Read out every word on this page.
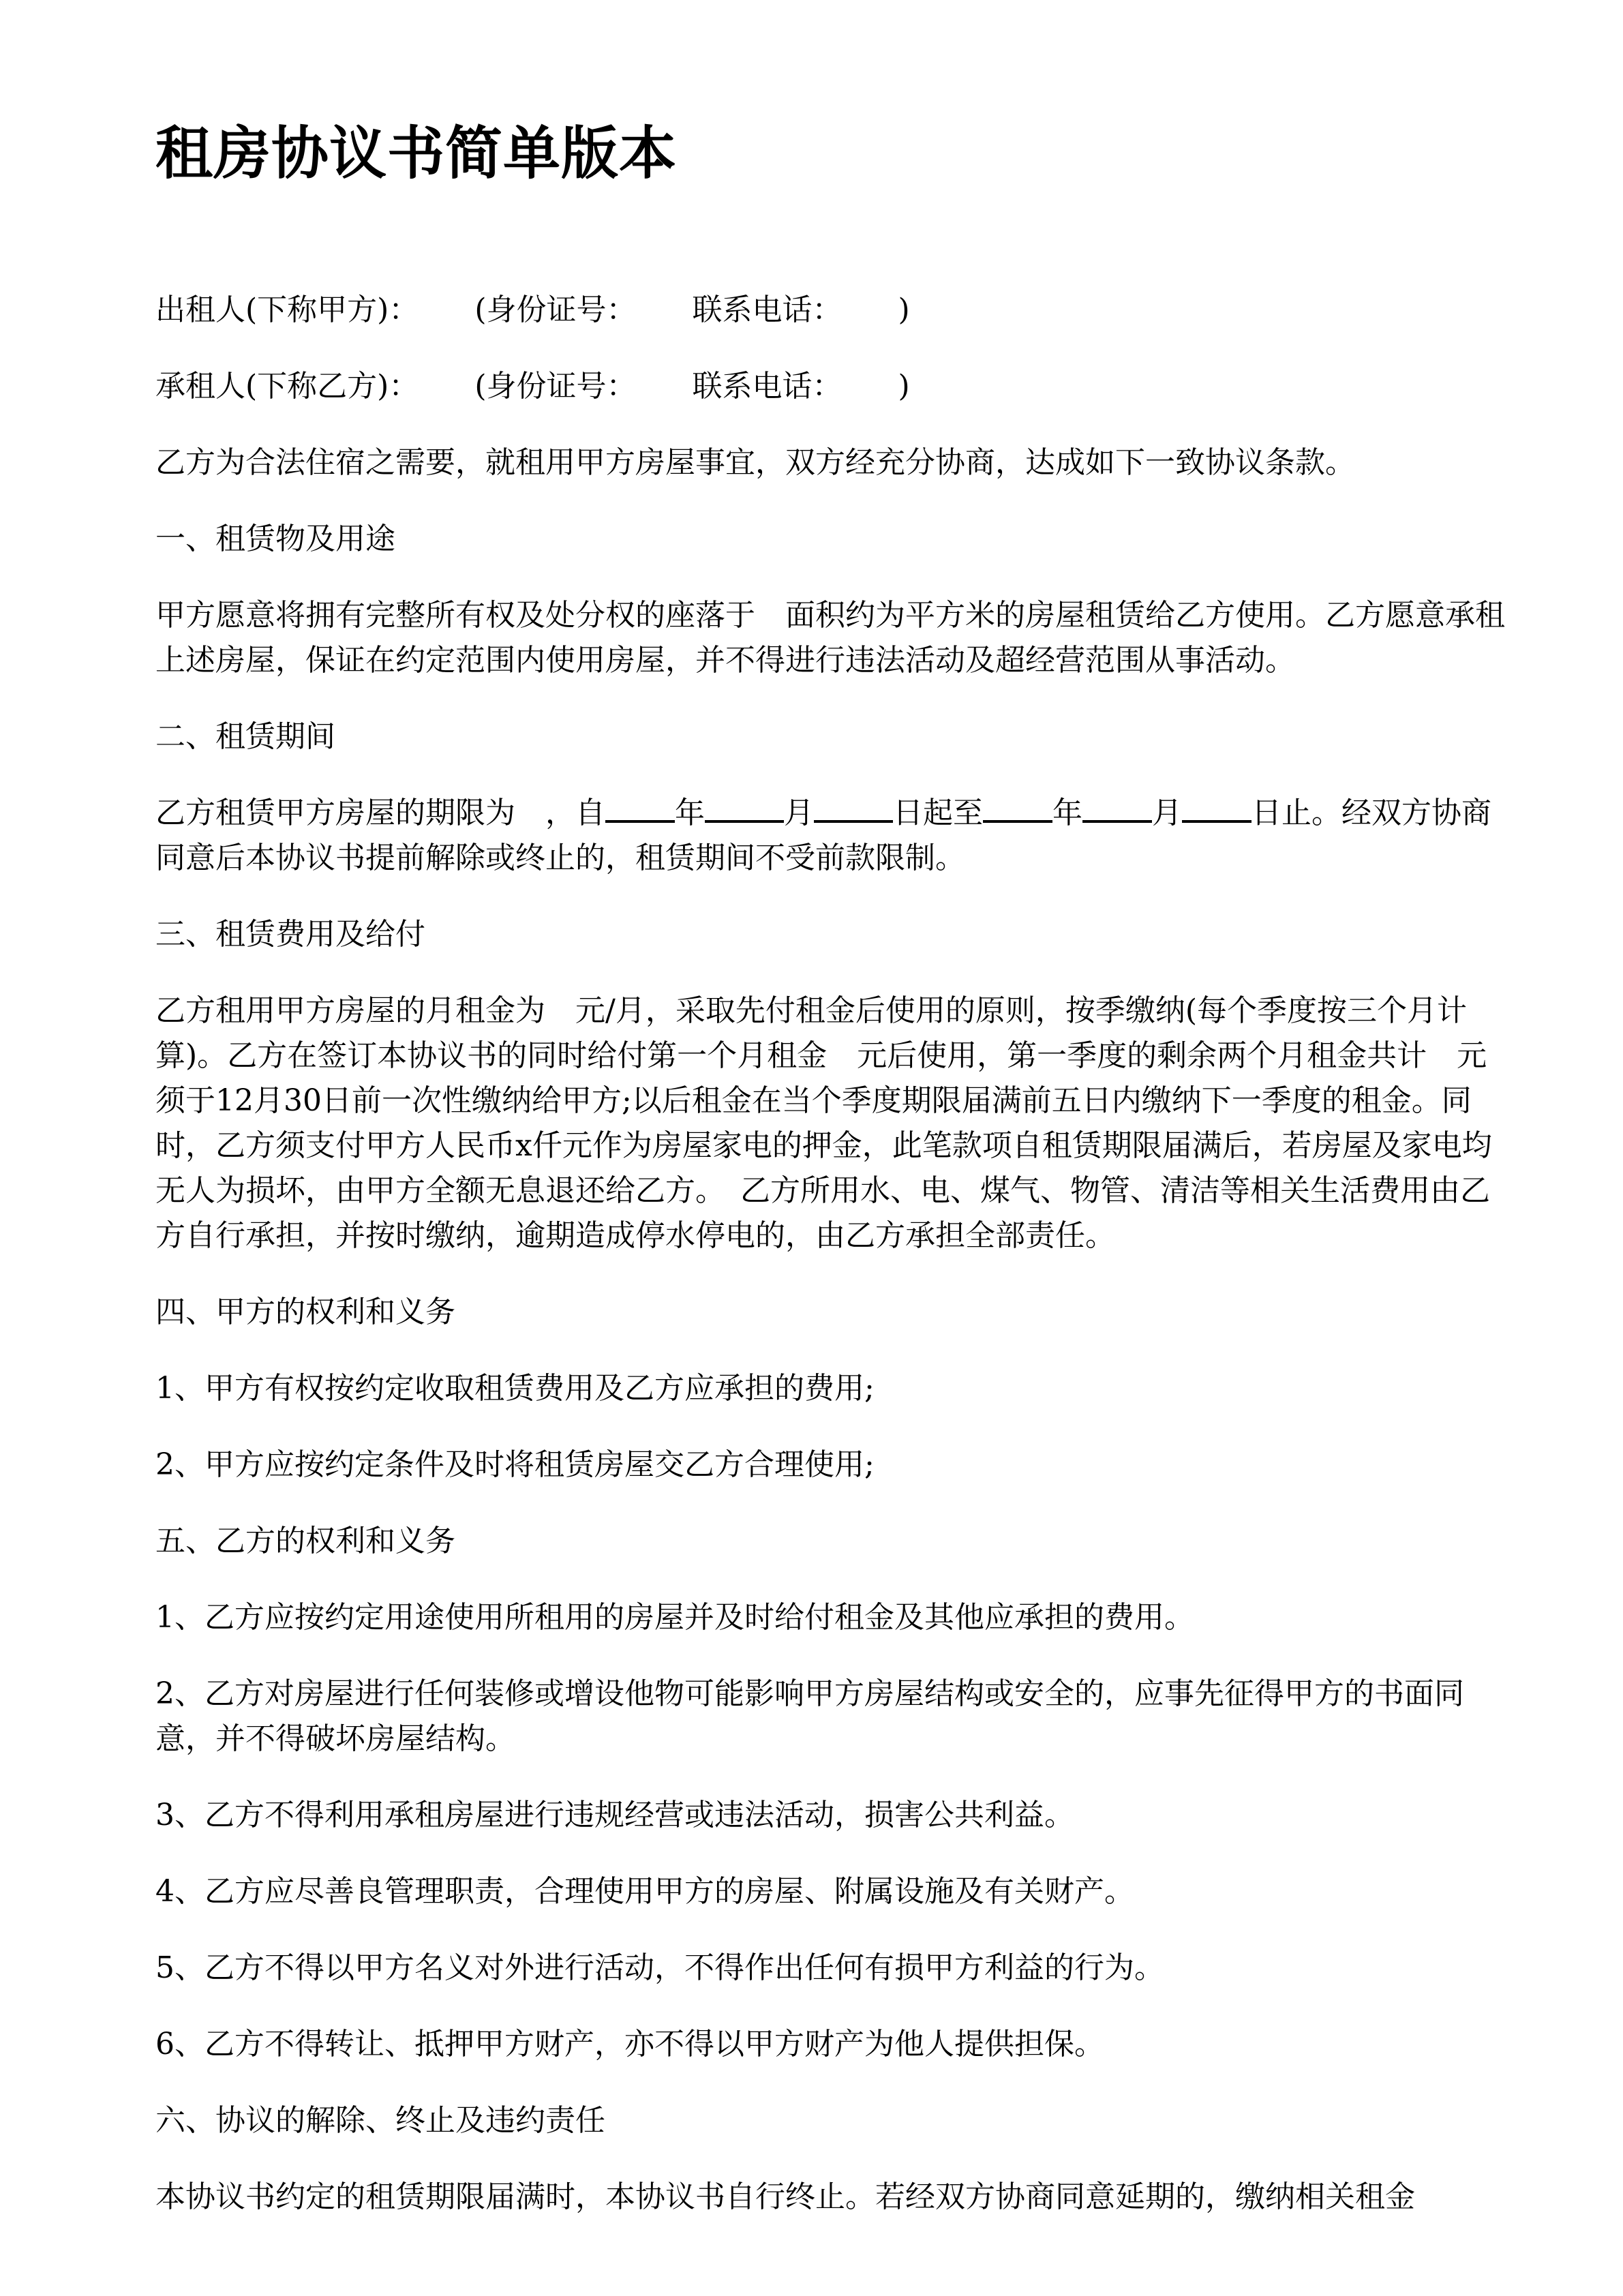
租房协议书简单版本

出租人(下称甲方)： (身份证号： 联系电话： )

承租人(下称乙方)： (身份证号： 联系电话： )

乙方为合法住宿之需要，就租用甲方房屋事宜，双方经充分协商，达成如下一致协议条款。

一、租赁物及用途

甲方愿意将拥有完整所有权及处分权的座落于　面积约为平方米的房屋租赁给乙方使用。乙方愿意承租上述房屋，保证在约定范围内使用房屋，并不得进行违法活动及超经营范围从事活动。

二、租赁期间

乙方租赁甲方房屋的期限为　，自 年	月	日起至 年 月 日止。经双方协商同意后本协议书提前解除或终止的，租赁期间不受前款限制。

三、租赁费用及给付

乙方租用甲方房屋的月租金为　元/月，采取先付租金后使用的原则，按季缴纳(每个季度按三个月计算)。乙方在签订本协议书的同时给付第一个月租金　元后使用，第一季度的剩余两个月租金共计　元须于12月30日前一次性缴纳给甲方;以后租金在当个季度期限届满前五日内缴纳下一季度的租金。同时，乙方须支付甲方人民币x仟元作为房屋家电的押金，此笔款项自租赁期限届满后，若房屋及家电均无人为损坏，由甲方全额无息退还给乙方。　乙方所用水、电、煤气、物管、清洁等相关生活费用由乙方自行承担，并按时缴纳，逾期造成停水停电的，由乙方承担全部责任。

四、甲方的权利和义务

1、甲方有权按约定收取租赁费用及乙方应承担的费用;

2、甲方应按约定条件及时将租赁房屋交乙方合理使用;

五、乙方的权利和义务

1、乙方应按约定用途使用所租用的房屋并及时给付租金及其他应承担的费用。

2、乙方对房屋进行任何装修或增设他物可能影响甲方房屋结构或安全的，应事先征得甲方的书面同意，并不得破坏房屋结构。

3、乙方不得利用承租房屋进行违规经营或违法活动，损害公共利益。

4、乙方应尽善良管理职责，合理使用甲方的房屋、附属设施及有关财产。

5、乙方不得以甲方名义对外进行活动，不得作出任何有损甲方利益的行为。

6、乙方不得转让、抵押甲方财产，亦不得以甲方财产为他人提供担保。

六、协议的解除、终止及违约责任

本协议书约定的租赁期限届满时，本协议书自行终止。若经双方协商同意延期的，缴纳相关租金
